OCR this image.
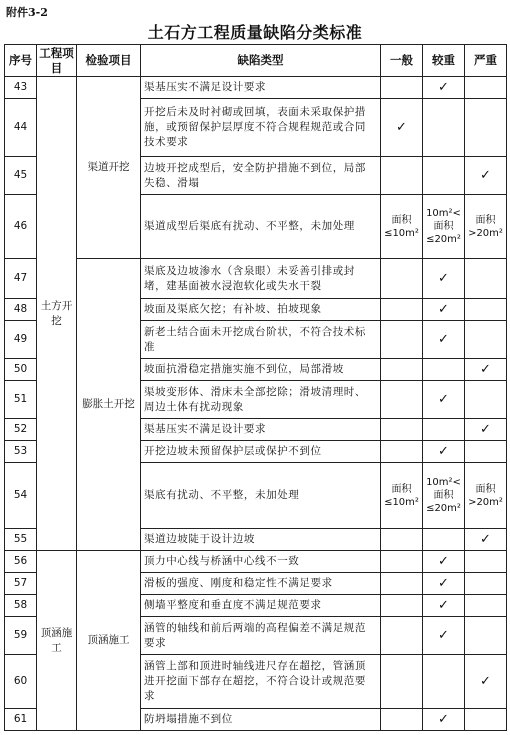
附件3-2
土石方工程质量缺陷分类标准
序号	工程项目	检验项目	缺陷类型	一般	较重	严重
43	土方开挖	渠道开挖	渠基压实不满足设计要求		✓	
44			开挖后未及时衬砌或回填，表面未采取保护措施，或预留保护层厚度不符合规程规范或合同技术要求	✓		
45			边坡开挖成型后，安全防护措施不到位，局部失稳、滑塌			✓
46			渠道成型后渠底有扰动、不平整，未加处理	面积≤10m²	10m²<面积≤20m²	面积>20m²
47		膨胀土开挖	渠底及边坡渗水（含泉眼）未妥善引排或封堵，建基面被水浸泡软化或失水干裂		✓	
48			坡面及渠底欠挖；有补坡、拍坡现象		✓	
49			新老土结合面未开挖成台阶状，不符合技术标准		✓	
50			坡面抗滑稳定措施实施不到位，局部滑坡			✓
51			渠坡变形体、滑床未全部挖除；滑坡清理时、周边土体有扰动现象		✓	
52			渠基压实不满足设计要求			✓
53			开挖边坡未预留保护层或保护不到位		✓	
54			渠底有扰动、不平整，未加处理	面积≤10m²	10m²<面积≤20m²	面积>20m²
55			渠道边坡陡于设计边坡			✓
56	顶涵施工	顶涵施工	顶力中心线与桥涵中心线不一致		✓	
57			滑板的强度、刚度和稳定性不满足要求		✓	
58			侧墙平整度和垂直度不满足规范要求		✓	
59			涵管的轴线和前后两端的高程偏差不满足规范要求		✓	
60			涵管上部和顶进时轴线进尺存在超挖，管涵顶进开挖面下部存在超挖，不符合设计或规范要求			✓
61			防坍塌措施不到位		✓	
